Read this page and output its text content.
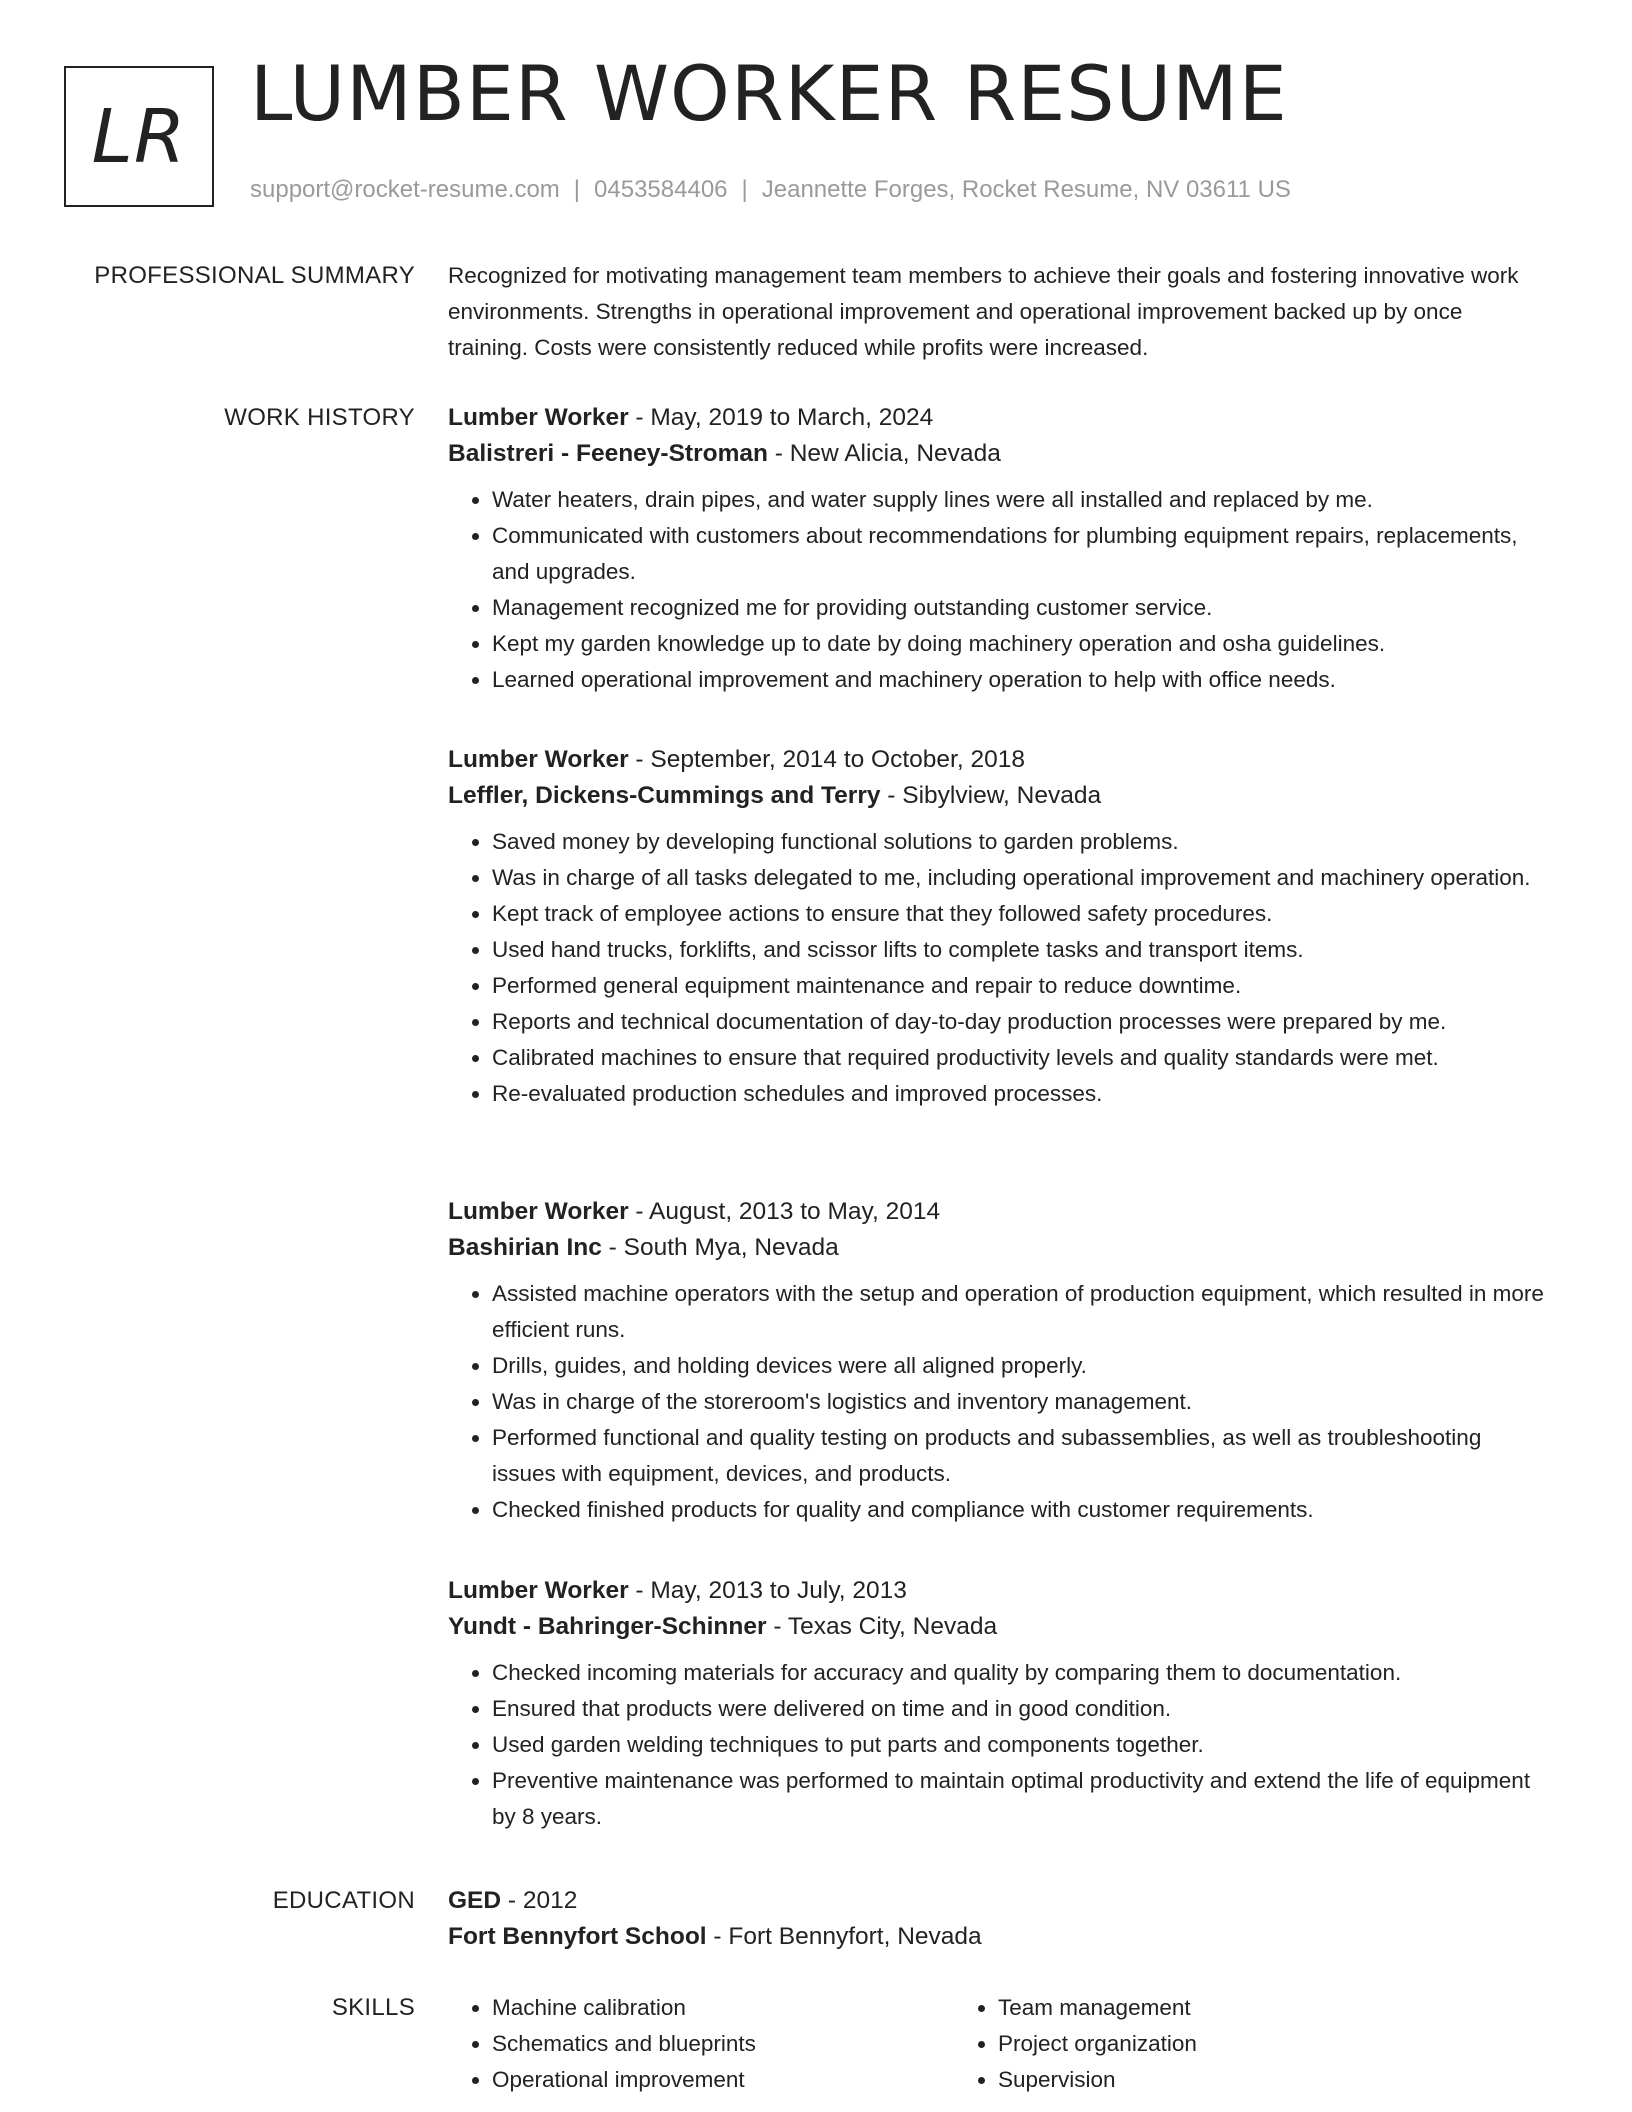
LR LUMBER WORKER RESUME
support@rocket-resume.com | 0453584406 | Jeannette Forges, Rocket Resume, NV 03611 US
PROFESSIONAL SUMMARY Recognized for motivating management team members to achieve their goals and fostering innovative work environments. Strengths in operational improvement and operational improvement backed up by once training. Costs were consistently reduced while profits were increased.

WORK HISTORY Lumber Worker - May, 2019 to March, 2024
Balistreri - Feeney-Stroman - New Alicia, Nevada
• Water heaters, drain pipes, and water supply lines were all installed and replaced by me.
• Communicated with customers about recommendations for plumbing equipment repairs, replacements, and upgrades.
• Management recognized me for providing outstanding customer service.
• Kept my garden knowledge up to date by doing machinery operation and osha guidelines.
• Learned operational improvement and machinery operation to help with office needs.
Lumber Worker - September, 2014 to October, 2018
Leffler, Dickens-Cummings and Terry - Sibylview, Nevada
• Saved money by developing functional solutions to garden problems.
• Was in charge of all tasks delegated to me, including operational improvement and machinery operation.
• Kept track of employee actions to ensure that they followed safety procedures.
• Used hand trucks, forklifts, and scissor lifts to complete tasks and transport items.
• Performed general equipment maintenance and repair to reduce downtime.
• Reports and technical documentation of day-to-day production processes were prepared by me.
• Calibrated machines to ensure that required productivity levels and quality standards were met.
• Re-evaluated production schedules and improved processes.
Lumber Worker - August, 2013 to May, 2014
Bashirian Inc - South Mya, Nevada
• Assisted machine operators with the setup and operation of production equipment, which resulted in more efficient runs.
• Drills, guides, and holding devices were all aligned properly.
• Was in charge of the storeroom's logistics and inventory management.
• Performed functional and quality testing on products and subassemblies, as well as troubleshooting issues with equipment, devices, and products.
• Checked finished products for quality and compliance with customer requirements.
Lumber Worker - May, 2013 to July, 2013
Yundt - Bahringer-Schinner - Texas City, Nevada
• Checked incoming materials for accuracy and quality by comparing them to documentation.
• Ensured that products were delivered on time and in good condition.
• Used garden welding techniques to put parts and components together.
• Preventive maintenance was performed to maintain optimal productivity and extend the life of equipment by 8 years.
EDUCATION GED - 2012
Fort Bennyfort School - Fort Bennyfort, Nevada
SKILLS
•	Machine calibration
• Schematics and blueprints
• Operational improvement
• Team management
• Project organization
• Supervision
